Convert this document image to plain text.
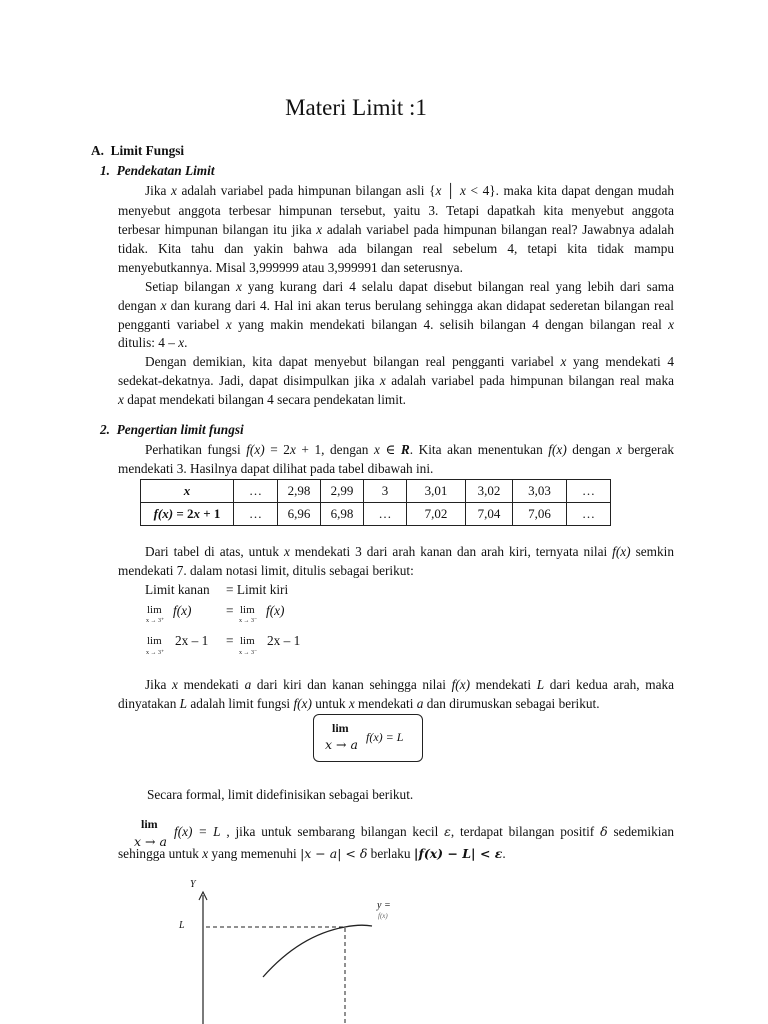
Materi Limit :1
A. Limit Fungsi
1. Pendekatan Limit
Jika x adalah variabel pada himpunan bilangan asli {x │ x < 4}. maka kita dapat dengan mudah
menyebut anggota terbesar himpunan tersebut, yaitu 3. Tetapi dapatkah kita menyebut anggota
terbesar himpunan bilangan itu jika x adalah variabel pada himpunan bilangan real? Jawabnya adalah
tidak. Kita tahu dan yakin bahwa ada bilangan real sebelum 4, tetapi kita tidak mampu
menyebutkannya. Misal 3,999999 atau 3,999991 dan seterusnya.
Setiap bilangan x yang kurang dari 4 selalu dapat disebut bilangan real yang lebih dari sama
dengan x dan kurang dari 4. Hal ini akan terus berulang sehingga akan didapat sederetan bilangan real
pengganti variabel x yang makin mendekati bilangan 4. selisih bilangan 4 dengan bilangan real x
ditulis: 4 – x.
Dengan demikian, kita dapat menyebut bilangan real pengganti variabel x yang mendekati 4
sedekat-dekatnya. Jadi, dapat disimpulkan jika x adalah variabel pada himpunan bilangan real maka
x dapat mendekati bilangan 4 secara pendekatan limit.
2. Pengertian limit fungsi
Perhatikan fungsi f(x) = 2x + 1, dengan x ∈ R. Kita akan menentukan f(x) dengan x bergerak
mendekati 3. Hasilnya dapat dilihat pada tabel dibawah ini.
x	…	2,98	2,99	3	3,01	3,02	3,03	…
f(x) = 2x + 1	…	6,96	6,98	…	7,02	7,04	7,06	…
Dari tabel di atas, untuk x mendekati 3 dari arah kanan dan arah kiri, ternyata nilai f(x) semkin
mendekati 7. dalam notasi limit, ditulis sebagai berikut:
Limit kanan = Limit kiri
lim
x → 3⁺
f(x)	= lim
x → 3⁻
f(x)
lim
x → 3⁺
2x – 1 = lim
x → 3⁻
2x – 1
Jika x mendekati a dari kiri dan kanan sehingga nilai f(x) mendekati L dari kedua arah, maka
dinyatakan L adalah limit fungsi f(x) untuk x mendekati a dan dirumuskan sebagai berikut.
lim
x → a f(x) = L
Secara formal, limit didefinisikan sebagai berikut.
lim
x → a
f(x) = L , jika untuk sembarang bilangan kecil ε, terdapat bilangan positif δ sedemikian
sehingga untuk x yang memenuhi |x − a| < δ berlaku |f(x) − L| < ε.
Y
L
y =
f(x)
